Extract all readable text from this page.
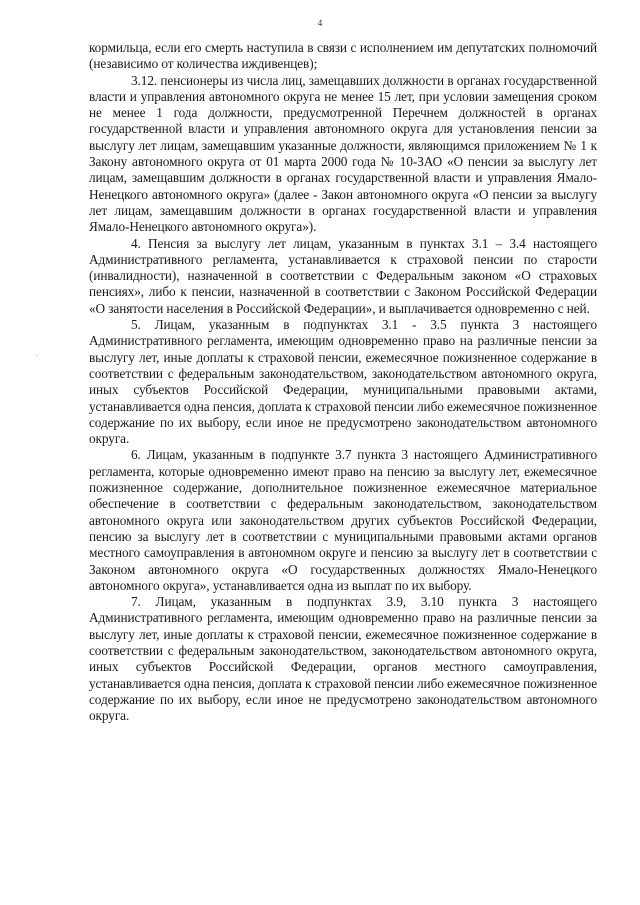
4
.

кормильца, если его смерть наступила в связи с исполнением им депутатских полномочий (независимо от количества иждивенцев);

3.12. пенсионеры из числа лиц, замещавших должности в органах государственной власти и управления автономного округа не менее 15 лет, при условии замещения сроком не менее 1 года должности, предусмотренной Перечнем должностей в органах государственной власти и управления автономного округа для установления пенсии за выслугу лет лицам, замещавшим указанные должности, являющимся приложением № 1 к Закону автономного округа от 01 марта 2000 года № 10-ЗАО «О пенсии за выслугу лет лицам, замещавшим должности в органах государственной власти и управления Ямало-Ненецкого автономного округа» (далее - Закон автономного округа «О пенсии за выслугу лет лицам, замещавшим должности в органах государственной власти и управления Ямало-Ненецкого автономного округа»).

4. Пенсия за выслугу лет лицам, указанным в пунктах 3.1 – 3.4 настоящего Административного регламента, устанавливается к страховой пенсии по старости (инвалидности), назначенной в соответствии с Федеральным законом «О страховых пенсиях», либо к пенсии, назначенной в соответствии с Законом Российской Федерации «О занятости населения в Российской Федерации», и выплачивается одновременно с ней.

5. Лицам, указанным в подпунктах 3.1 - 3.5 пункта 3 настоящего Административного регламента, имеющим одновременно право на различные пенсии за выслугу лет, иные доплаты к страховой пенсии, ежемесячное пожизненное содержание в соответствии с федеральным законодательством, законодательством автономного округа, иных субъектов Российской Федерации, муниципальными правовыми актами, устанавливается одна пенсия, доплата к страховой пенсии либо ежемесячное пожизненное содержание по их выбору, если иное не предусмотрено законодательством автономного округа.

6. Лицам, указанным в подпункте 3.7 пункта 3 настоящего Административного регламента, которые одновременно имеют право на пенсию за выслугу лет, ежемесячное пожизненное содержание, дополнительное пожизненное ежемесячное материальное обеспечение в соответствии с федеральным законодательством, законодательством автономного округа или законодательством других субъектов Российской Федерации, пенсию за выслугу лет в соответствии с муниципальными правовыми актами органов местного самоуправления в автономном округе и пенсию за выслугу лет в соответствии с Законом автономного округа «О государственных должностях Ямало-Ненецкого автономного округа», устанавливается одна из выплат по их выбору.

7. Лицам, указанным в подпунктах 3.9, 3.10 пункта 3 настоящего Административного регламента, имеющим одновременно право на различные пенсии за выслугу лет, иные доплаты к страховой пенсии, ежемесячное пожизненное содержание в соответствии с федеральным законодательством, законодательством автономного округа, иных субъектов Российской Федерации, органов местного самоуправления, устанавливается одна пенсия, доплата к страховой пенсии либо ежемесячное пожизненное содержание по их выбору, если иное не предусмотрено законодательством автономного округа.
